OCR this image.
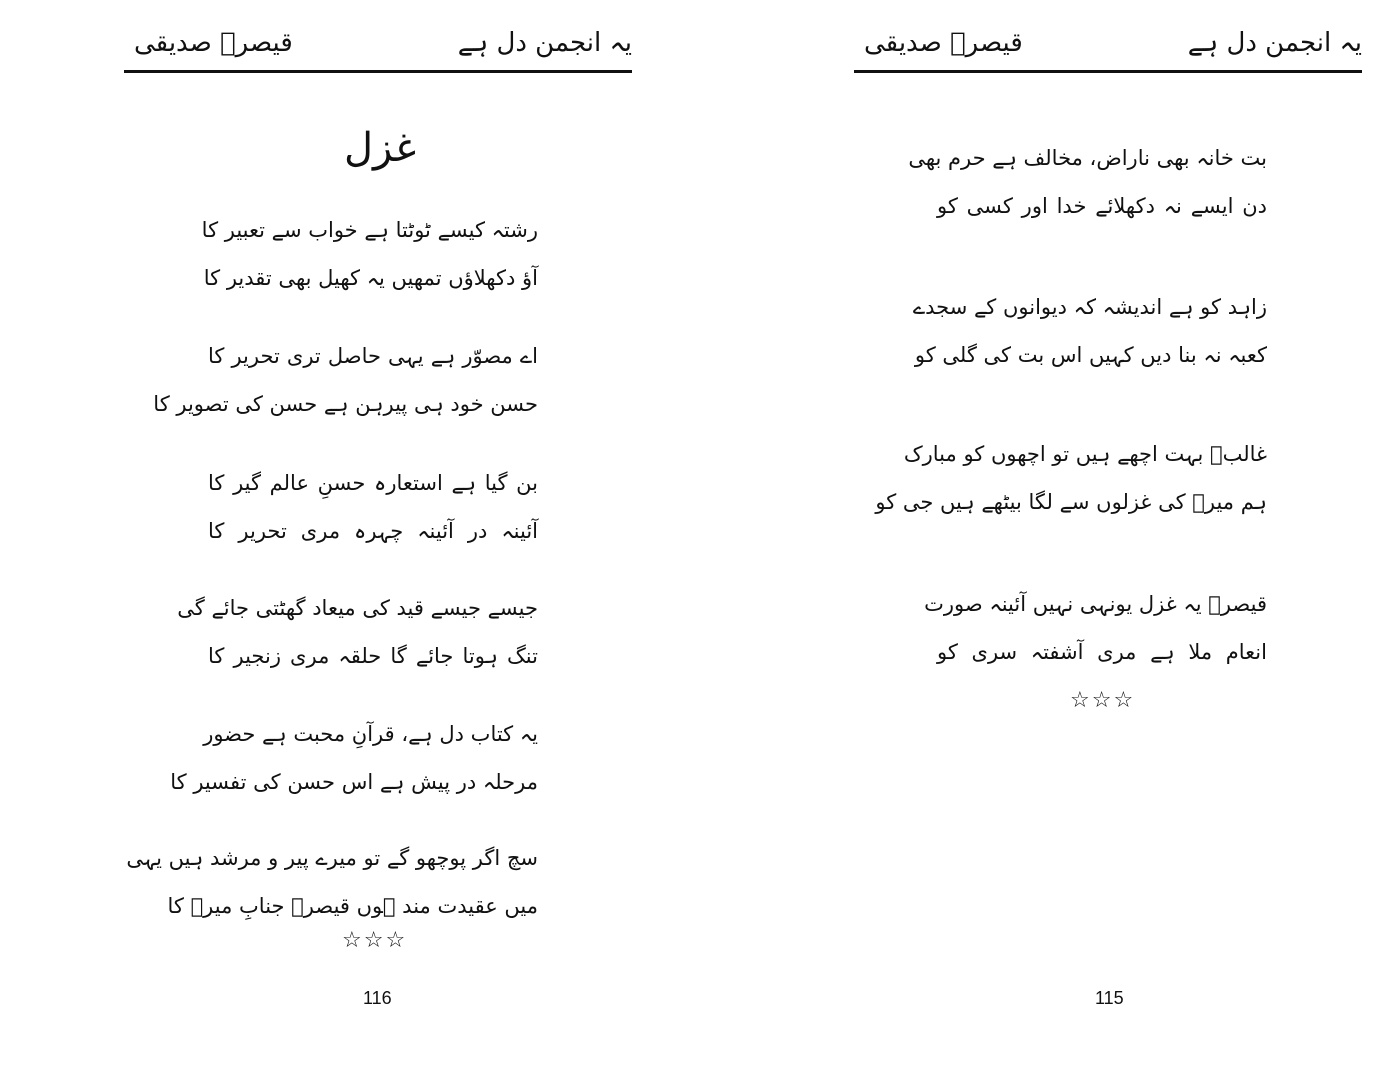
قیصرؔ صدیقی	یہ انجمن دل ہے
غزل
رشتہ کیسے ٹوٹتا ہے خواب سے تعبیر کا
آؤ دکھلاؤں تمھیں یہ کھیل بھی تقدیر کا
اے مصوّر ہے یہی حاصل تری تحریر کا
حسن خود ہی پیرہن ہے حسن کی تصویر کا
بن گیا ہے استعارہ حسنِ عالم گیر کا
آئینہ در آئینہ چہرہ مری تحریر کا
جیسے جیسے قید کی میعاد گھٹتی جائے گی
تنگ ہوتا جائے گا حلقہ مری زنجیر کا
یہ کتاب دل ہے، قرآنِ محبت ہے حضور
مرحلہ در پیش ہے اس حسن کی تفسیر کا
سچ اگر پوچھو گے تو میرے پیر و مرشد ہیں یہی
میں عقیدت مند ہوں قیصرؔ جنابِ میرؔ کا
☆☆☆
116
قیصرؔ صدیقی	یہ انجمن دل ہے
بت خانہ بھی ناراض، مخالف ہے حرم بھی
دن ایسے نہ دکھلائے خدا اور کسی کو
زاہد کو ہے اندیشہ کہ دیوانوں کے سجدے
کعبہ نہ بنا دیں کہیں اس بت کی گلی کو
غالبؔ بہت اچھے ہیں تو اچھوں کو مبارک
ہم میرؔ کی غزلوں سے لگا بیٹھے ہیں جی کو
قیصرؔ یہ غزل یونہی نہیں آئینہ صورت
انعام ملا ہے مری آشفتہ سری کو
☆☆☆
115
